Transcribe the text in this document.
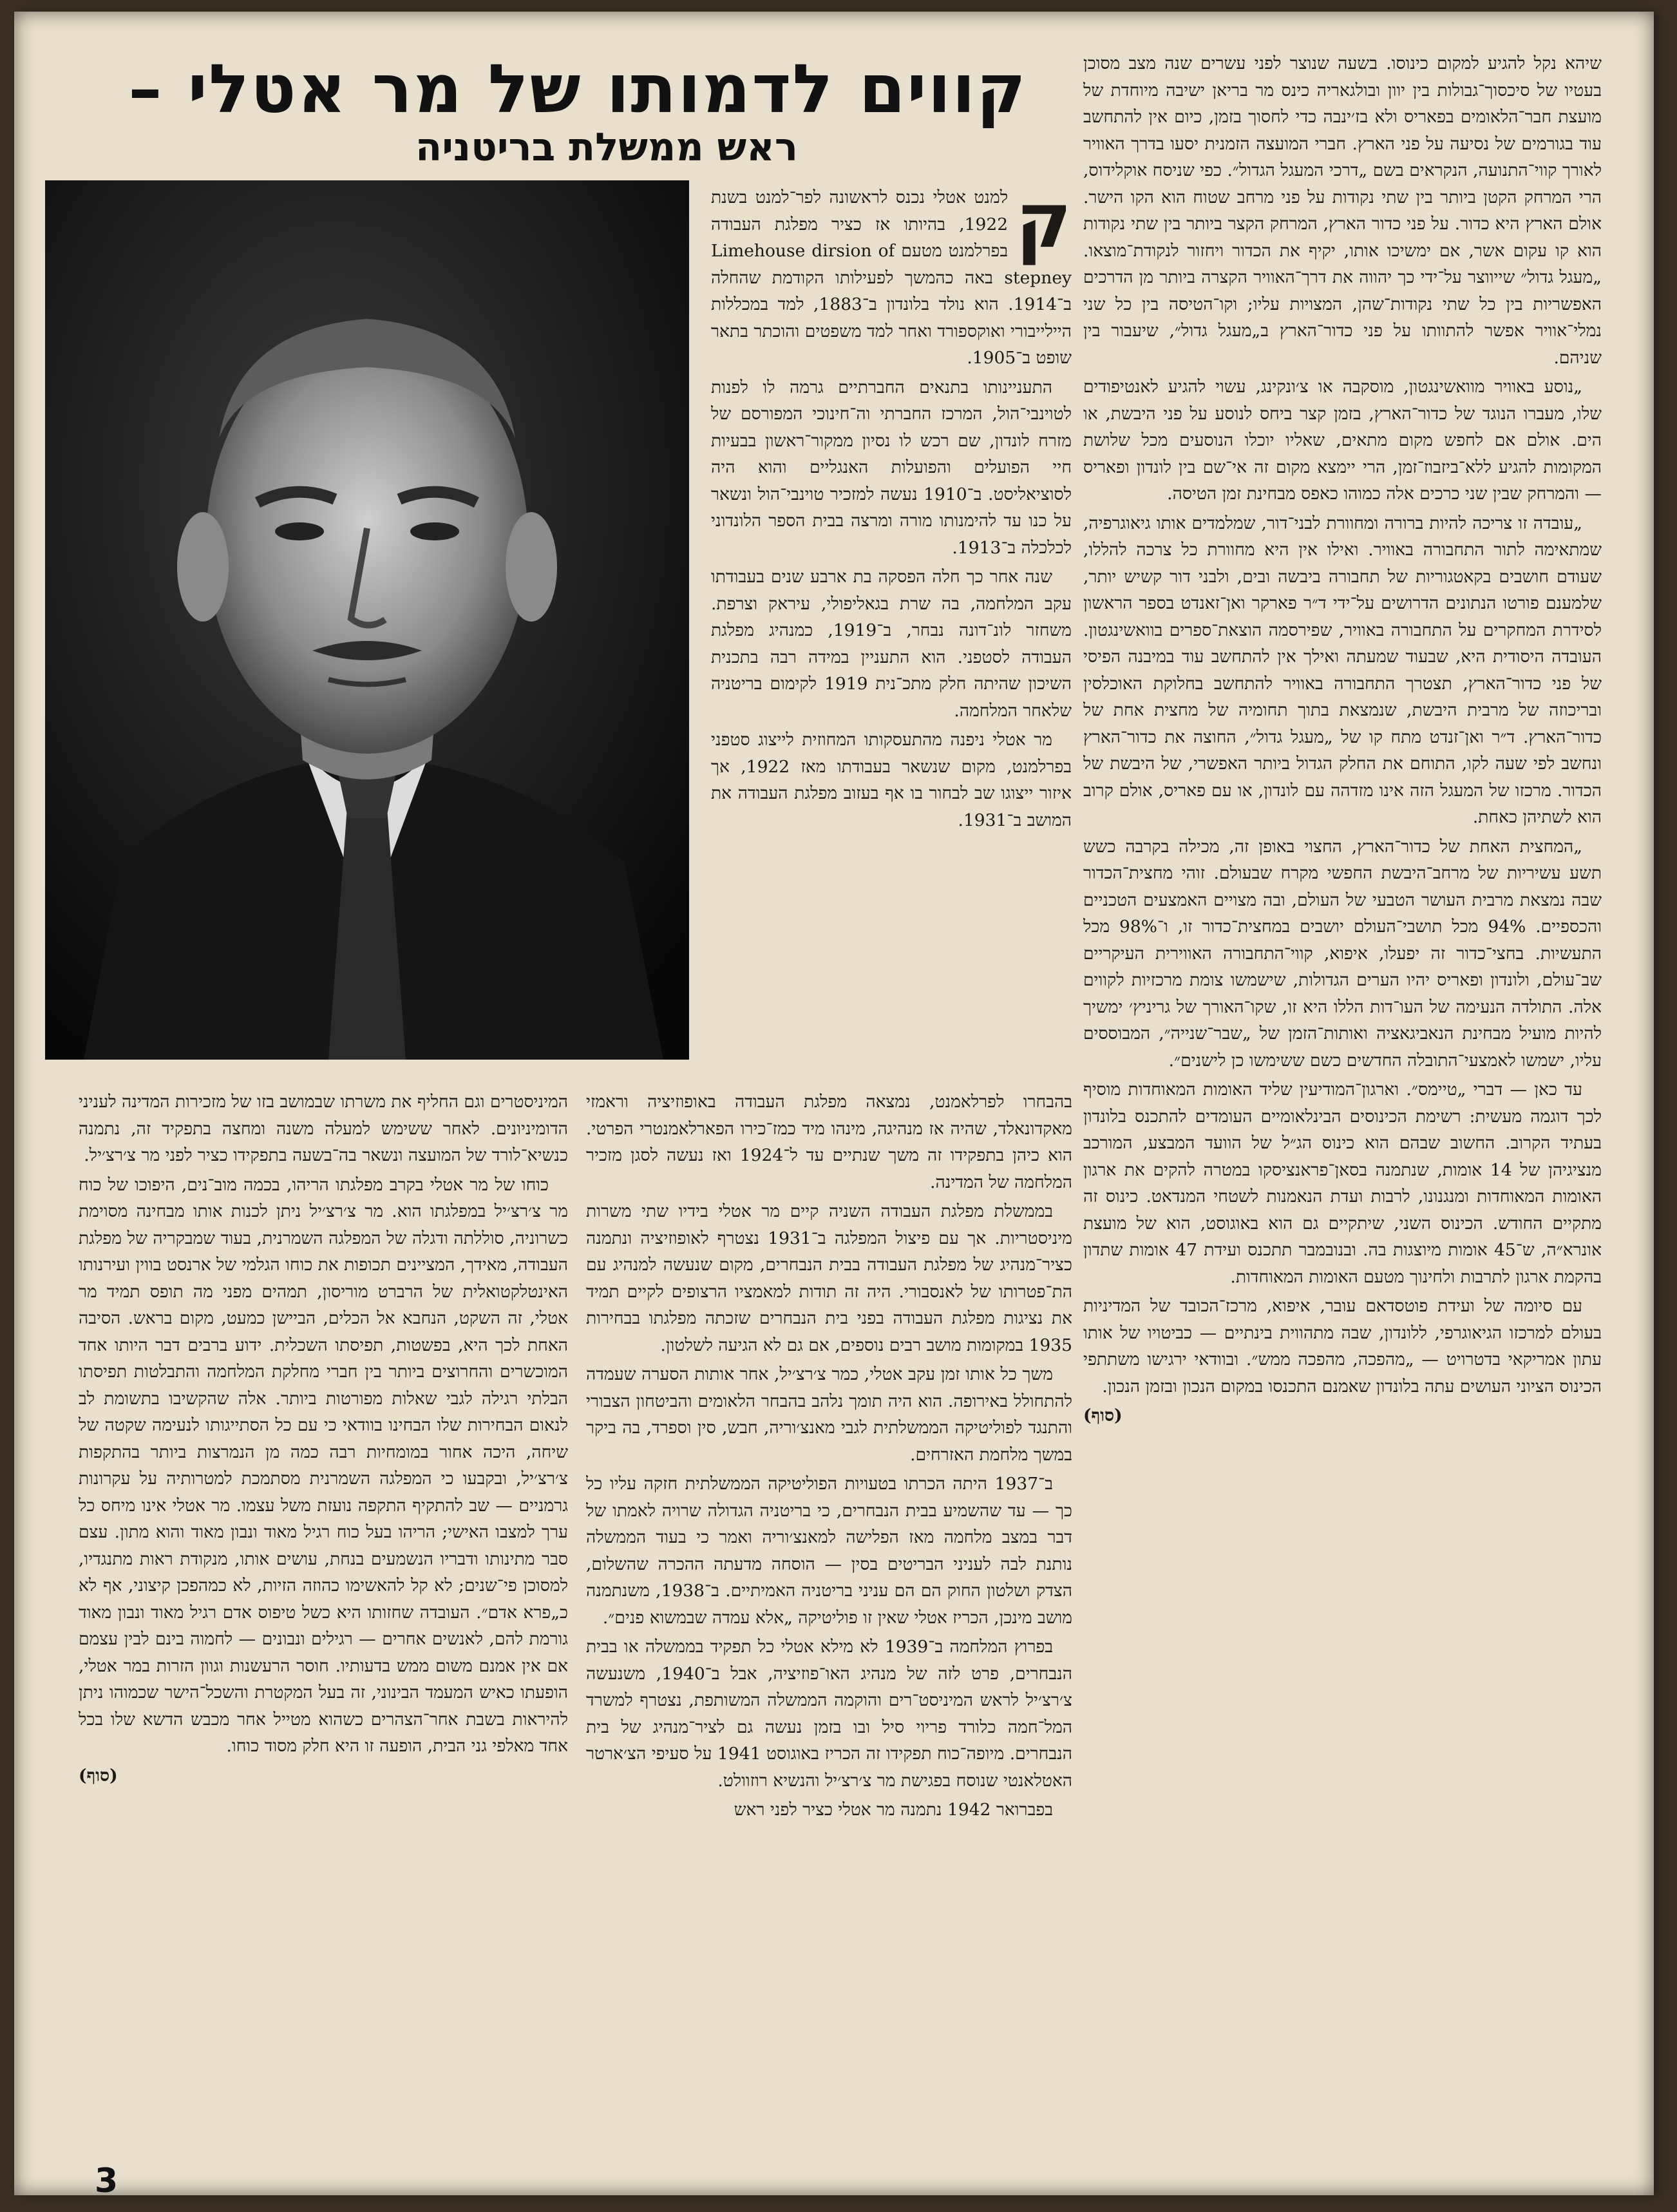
קווים לדמותו של מר אטלי –
ראש ממשלת בריטניה

שיהא נקל להגיע למקום כינוסו. בשעה שנוצר לפני עשרים שנה מצב מסוכן בעטיו של סיכסוך־גבולות בין יוון ובולגאריה כינס מר בריאן ישיבה מיוחדת של מועצת חבר־הלאומים בפאריס ולא בז׳ינבה כדי לחסוך בזמן, כיום אין להתחשב עוד בגורמים של נסיעה על פני הארץ. חברי המועצה הזמנית יסעו בדרך האוויר לאורך קווי־התנועה, הנקראים בשם „דרכי המעגל הגדול״. כפי שניסח אוקלידוס, הרי המרחק הקטן ביותר בין שתי נקודות על פני מרחב שטוח הוא הקו הישר. אולם הארץ היא כדור. על פני כדור הארץ, המרחק הקצר ביותר בין שתי נקודות הוא קו עקום אשר, אם ימשיכו אותו, יקיף את הכדור ויחזור לנקודת־מוצאו. „מעגל גדול״ שייווצר על־ידי כך יהווה את דרך־האוויר הקצרה ביותר מן הדרכים האפשריות בין כל שתי נקודות־שהן, המצויות עליו; וקו־הטיסה בין כל שני נמלי־אוויר אפשר להתוותו על פני כדור־הארץ ב„מעגל גדול״, שיעבור בין שניהם.

„נוסע באוויר מוואשינגטון, מוסקבה או צ׳ונקינג, עשוי להגיע לאנטיפודים שלו, מעברו הנוגד של כדור־הארץ, בזמן קצר ביחס לנוסע על פני היבשת, או הים. אולם אם לחפש מקום מתאים, שאליו יוכלו הנוסעים מכל שלושת המקומות להגיע ללא־ביזבוז־זמן, הרי יימצא מקום זה אי־שם בין לונדון ופאריס — והמרחק שבין שני כרכים אלה כמוהו כאפס מבחינת זמן הטיסה.

„עובדה זו צריכה להיות ברורה ומחוורת לבני־דור, שמלמדים אותו גיאוגרפיה, שמתאימה לתור התחבורה באוויר. ואילו אין היא מחוורת כל צרכה להללו, שעודם חושבים בקאטגוריות של תחבורה ביבשה ובים, ולבני דור קשיש יותר, שלמענם פורטו הנתונים הדרושים על־ידי ד״ר פארקר ואן־זאנדט בספר הראשון לסידרת המחקרים על התחבורה באוויר, שפירסמה הוצאת־ספרים בוואשינגטון. העובדה היסודית היא, שבעוד שמעתה ואילך אין להתחשב עוד במיבנה הפיסי של פני כדור־הארץ, תצטרך התחבורה באוויר להתחשב בחלוקת האוכלסין ובריכוזה של מרבית היבשת, שנמצאת בתוך תחומיה של מחצית אחת של כדור־הארץ. ד״ר ואן־זנדט מתח קו של „מעגל גדול״, החוצה את כדור־הארץ ונחשב לפי שעה לקו, התוחם את החלק הגדול ביותר האפשרי, של היבשת של הכדור. מרכזו של המעגל הזה אינו מזדהה עם לונדון, או עם פאריס, אולם קרוב הוא לשתיהן כאחת.

„המחצית האחת של כדור־הארץ, החצוי באופן זה, מכילה בקרבה כשש תשע עשיריות של מרחב־היבשת החפשי מקרח שבעולם. זוהי מחצית־הכדור שבה נמצאת מרבית העושר הטבעי של העולם, ובה מצויים האמצעים הטכניים והכספיים. 94% מכל תושבי־העולם יושבים במחצית־כדור זו, ו־98% מכל התעשיות. בחצי־כדור זה יפעלו, איפוא, קווי־התחבורה האווירית העיקריים שב־עולם, ולונדון ופאריס יהיו הערים הגדולות, שישמשו צומת מרכזיות לקווים אלה. התולדה הנעימה של העו־דות הללו היא זו, שקו־האורך של גריניץ׳ ימשיך להיות מועיל מבחינת הנאביגאציה ואותות־הזמן של „שבר־שנייה״, המבוססים עליו, ישמשו לאמצעי־התובלה החדשים כשם ששימשו כן לישנים״.

עד כאן — דברי „טיימס״. וארגון־המודיעין שליד האומות המאוחדות מוסיף לכך דוגמה מעשית: רשימת הכינוסים הבינלאומיים העומדים להתכנס בלונדון בעתיד הקרוב. החשוב שבהם הוא כינוס הג״ל של הוועד המבצע, המורכב מנציגיהן של 14 אומות, שנתמנה בסאן־פראנציסקו במטרה להקים את ארגון האומות המאוחדות ומנגנונו, לרבות ועדת הנאמנות לשטחי המנדאט. כינוס זה מתקיים החודש. הכינוס השני, שיתקיים גם הוא באוגוסט, הוא של מועצת אונרא״ה, ש־45 אומות מיוצגות בה. ובנובמבר תתכנס ועידת 47 אומות שתדון בהקמת ארגון לתרבות ולחינוך מטעם האומות המאוחדות.

עם סיומה של ועידת פוטסדאם עובר, איפוא, מרכז־הכובד של המדיניות בעולם למרכזו הגיאוגרפי, ללונדון, שבה מתהווית בינתיים — כביטויו של אותו עתון אמריקאי בדטרויט — „מהפכה, מהפכה ממש״. ובוודאי ירגישו משתתפי הכינוס הציוני העושים עתה בלונדון שאמנם התכנסו במקום הנכון ובזמן הנכון.

(סוף)

ק
למנט אטלי נכנס לראשונה לפר־למנט בשנת 1922, בהיותו אז כציר מפלגת העבודה בפרלמנט מטעם Limehouse dirsion of stepney באה כהמשך לפעילותו הקודמת שהחלה ב־1914. הוא נולד בלונדון ב־1883, למד במכללות היילייבורי ואוקספורד ואחר למד משפטים והוכתר בתאר שופט ב־1905.

התעניינותו בתנאים החברתיים גרמה לו לפנות לטוינבי־הול, המרכז החברתי וה־חינוכי המפורסם של מזרח לונדון, שם רכש לו נסיון ממקור־ראשון בבעיות חיי הפועלים והפועלות האנגליים והוא היה לסוציאליסט. ב־1910 נעשה למזכיר טוינבי־הול ונשאר על כנו עד להימנותו מורה ומרצה בבית הספר הלונדוני לכלכלה ב־1913.

שנה אחר כך חלה הפסקה בת ארבע שנים בעבודתו עקב המלחמה, בה שרת בגאליפולי, עיראק וצרפת. משחזר לונ־דונה נבחר, ב־1919, כמנהיג מפלגת העבודה לסטפני. הוא התעניין במידה רבה בתכנית השיכון שהיתה חלק מתכ־נית 1919 לקימום בריטניה שלאחר המלחמה.

מר אטלי ניפנה מהתעסקותו המחוזית לייצוג סטפני בפרלמנט, מקום שנשאר בעבודתו מאז 1922, אך איזור ייצוגו שב לבחור בו אף בעזוב מפלגת העבודה את המושב ב־1931.

בהבחרו לפרלאמנט, נמצאה מפלגת העבודה באופוזיציה וראמזי מאקדונאלד, שהיה אז מנהיגה, מינהו מיד כמז־כירו הפארלאמנטרי הפרטי. הוא כיהן בתפקידו זה משך שנתיים עד ל־1924 ואז נעשה לסגן מזכיר המלחמה של המדינה.

בממשלת מפלגת העבודה השניה קיים מר אטלי בידיו שתי משרות מיניסטריות. אך עם פיצול המפלגה ב־1931 נצטרף לאופוזיציה ונתמנה כציר־מנהיג של מפלגת העבודה בבית הנבחרים, מקום שנעשה למנהיג עם הת־פטרותו של לאנסבורי. היה זה תודות למאמציו הרצופים לקיים תמיד את נציגות מפלגת העבודה בפני בית הנבחרים שזכתה מפלגתו בבחירות 1935 במקומות מושב רבים נוספים, אם גם לא הגיעה לשלטון.

משך כל אותו זמן עקב אטלי, כמר צ׳רצ׳יל, אחר אותות הסערה שעמדה להתחולל באירופה. הוא היה תומך נלהב בהבחר הלאומים והביטחון הצבורי והתנגד לפוליטיקה הממשלתית לגבי מאנצ׳וריה, חבש, סין וספרד, בה ביקר במשך מלחמת האזרחים.

ב־1937 היתה הכרתו בטעויות הפוליטיקה הממשלתית חזקה עליו כל כך — עד שהשמיע בבית הנבחרים, כי בריטניה הגדולה שרויה לאמתו של דבר במצב מלחמה מאז הפלישה למאנצ׳וריה ואמר כי בעוד הממשלה נותנת לבה לעניני הבריטים בסין — הוסחה מדעתה ההכרה שהשלום, הצדק ושלטון החוק הם הם עניני בריטניה האמיתיים. ב־1938, משנתמנה מושב מינכן, הכריז אטלי שאין זו פוליטיקה „אלא עמדה שבמשוא פנים״.

בפרוץ המלחמה ב־1939 לא מילא אטלי כל תפקיד בממשלה או בבית הנבחרים, פרט לזה של מנהיג האו־פוזיציה, אבל ב־1940, משנעשה צ׳רצ׳יל לראש המיניסט־רים והוקמה הממשלה המשותפת, נצטרף למשרד המל־חמה כלורד פריוי סיל ובו בזמן נעשה גם לציר־מנהיג של בית הנבחרים. מיופה־כוח תפקידו זה הכריז באוגוסט 1941 על סעיפי הצ׳ארטר האטלאנטי שנוסח בפגישת מר צ׳רצ׳יל והנשיא רוזוולט.

בפברואר 1942 נתמנה מר אטלי כציר לפני ראש

המיניסטרים וגם החליף את משרתו שבמושב בזו של מזכירות המדינה לעניני הדומיניונים. לאחר ששימש למעלה משנה ומחצה בתפקיד זה, נתמנה כנשיא־לורד של המועצה ונשאר בה־בשעה בתפקידו כציר לפני מר צ׳רצ׳יל.

כוחו של מר אטלי בקרב מפלגתו הריהו, בכמה מוב־נים, היפוכו של כוח מר צ׳רצ׳יל במפלגתו הוא. מר צ׳רצ׳יל ניתן לכנות אותו מבחינה מסוימת כשרוניה, סוללתה ודגלה של המפלגה השמרנית, בעוד שמבקריה של מפלגת העבודה, מאידך, המציינים תכופות את כוחו הגלמי של ארנסט בווין ועירנותו האינטלקטואלית של הרברט מוריסון, תמהים מפני מה תופס תמיד מר אטלי, זה השקט, הנחבא אל הכלים, הביישן כמעט, מקום בראש. הסיבה האחת לכך היא, בפשטות, תפיסתו השכלית. ידוע ברבים דבר היותו אחד המוכשרים והחרוצים ביותר בין חברי מחלקת המלחמה והתבלטות תפיסתו הבלתי רגילה לגבי שאלות מפורטות ביותר. אלה שהקשיבו בתשומת לב לנאום הבחירות שלו הבחינו בוודאי כי עם כל הסתייגותו לנעימה שקטה של שיחה, היכה אחור במומחיות רבה כמה מן הנמרצות ביותר בהתקפות צ׳רצ׳יל, ובקבעו כי המפלגה השמרנית מסתמכת למטרותיה על עקרונות גרמניים — שב להתקיף התקפה נועזת משל עצמו. מר אטלי אינו מיחס כל ערך למצבו האישי; הריהו בעל כוח רגיל מאוד ונבון מאוד והוא מתון. עצם סבר מתינותו ודבריו הנשמעים בנחת, עושים אותו, מנקודת ראות מתנגדיו, למסוכן פי־שנים; לא קל להאשימו כהוזה הזיות, לא כמהפכן קיצוני, אף לא כ„פרא אדם״. העובדה שחזותו היא כשל טיפוס אדם רגיל מאוד ונבון מאוד גורמת להם, לאנשים אחרים — רגילים ונבונים — לחמוה בינם לבין עצמם אם אין אמנם משום ממש בדעותיו. חוסר הרעשנות וגוון הזרות במר אטלי, הופעתו כאיש המעמד הבינוני, זה בעל המקטרת והשכל־הישר שכמוהו ניתן להיראות בשבת אחר־הצהרים כשהוא מטייל אחר מכבש הדשא שלו בכל אחד מאלפי גני הבית, הופעה זו היא חלק מסוד כוחו.

(סוף)
3
